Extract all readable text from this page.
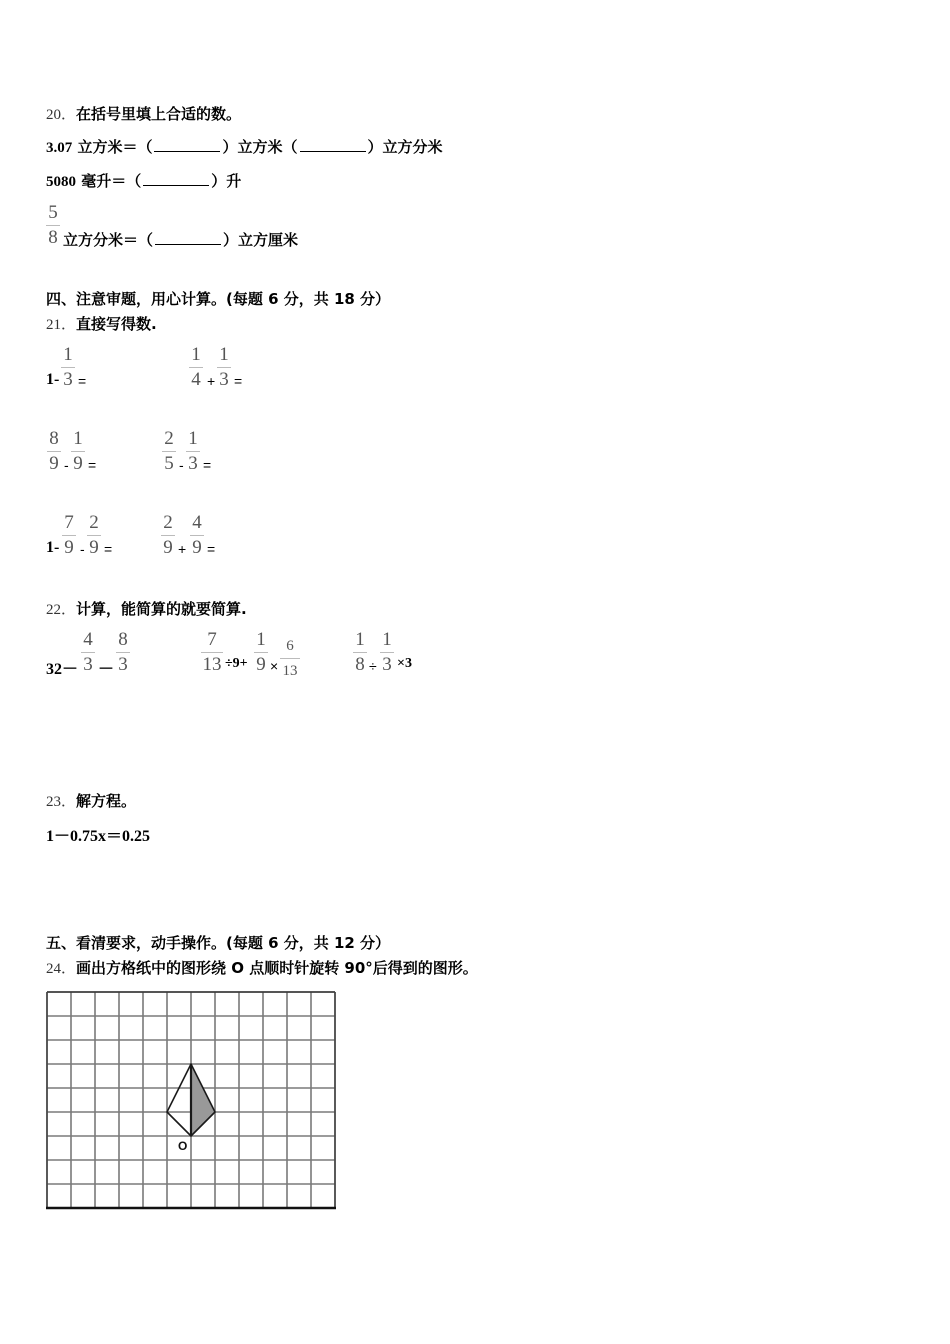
20．在括号里填上合适的数。
3.07 立方米＝（	）立方米（	）立方分米
5080 毫升＝（	）升
5
8 立方分米＝（	）立方厘米
四、注意审题，用心计算。(每题 6 分，共 18 分）
21．直接写得数.
1-
1
3 =
1
4 +
1
3 =
8
9 -
1
9 =
2
5 -
1
3 =
1-
7
9 -
2
9 =
2
9 +
4
9 =
22．计算，能简算的就要简算.
32－
4
3 －
8
3
7
13 ÷9+
1
9 ×
6
13
1
8 ÷
1
3 ×3
23．解方程。
1－0.75x＝0.25
五、看清要求，动手操作。(每题 6 分，共 12 分）
24．画出方格纸中的图形绕 O 点顺时针旋转 90°后得到的图形。
O
